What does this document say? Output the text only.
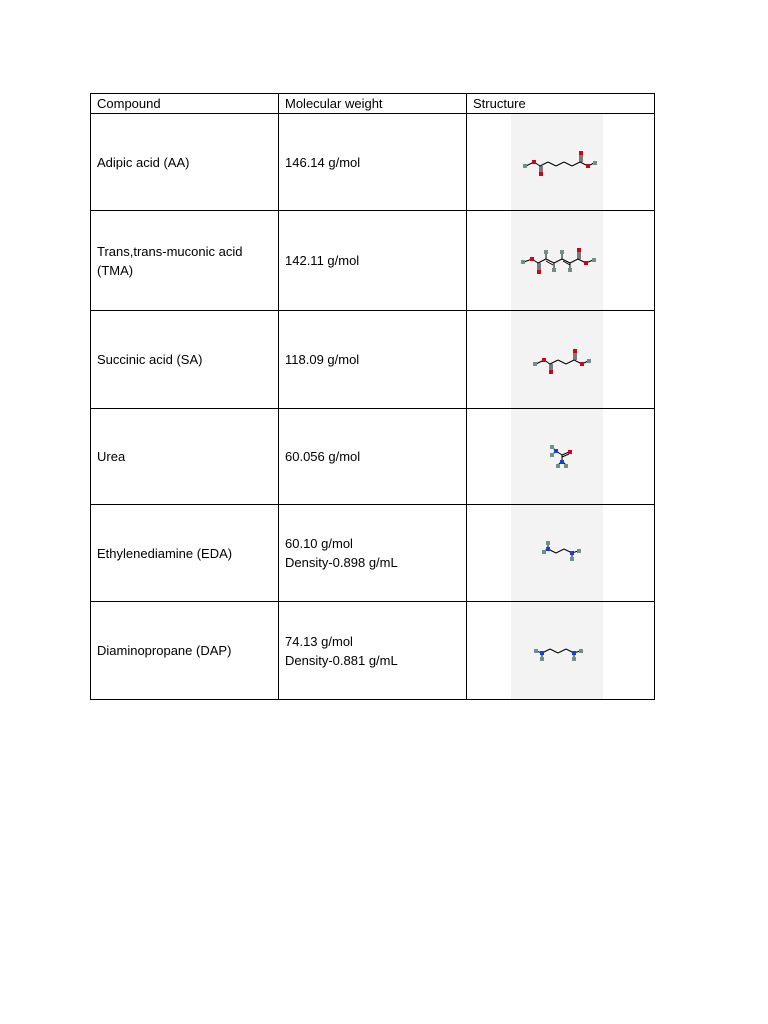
Compound	Molecular weight	Structure
Adipic acid (AA)	146.14 g/mol

Trans,trans-muconic acid (TMA)	142.11 g/mol

Succinic acid (SA)	118.09 g/mol

Urea	60.056 g/mol

Ethylenediamine (EDA)	60.10 g/mol
Density-0.898 g/mL

Diaminopropane (DAP)	74.13 g/mol
Density-0.881 g/mL
